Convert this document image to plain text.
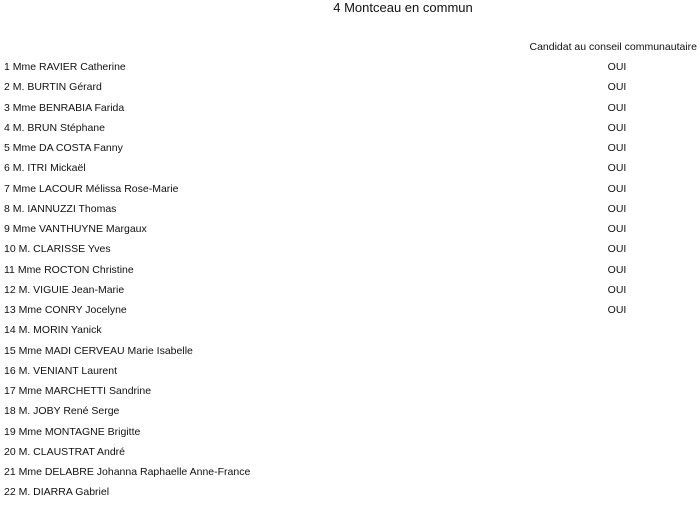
4 Montceau en commun
Candidat au conseil communautaire
1 Mme RAVIER Catherine	OUI
2 M. BURTIN Gérard	OUI
3 Mme BENRABIA Farida	OUI
4 M. BRUN Stéphane	OUI
5 Mme DA COSTA Fanny	OUI
6 M. ITRI Mickaël	OUI
7 Mme LACOUR Mélissa Rose-Marie	OUI
8 M. IANNUZZI Thomas	OUI
9 Mme VANTHUYNE Margaux	OUI
10 M. CLARISSE Yves	OUI
11 Mme ROCTON Christine	OUI
12 M. VIGUIE Jean-Marie	OUI
13 Mme CONRY Jocelyne	OUI
14 M. MORIN Yanick
15 Mme MADI CERVEAU Marie Isabelle
16 M. VENIANT Laurent
17 Mme MARCHETTI Sandrine
18 M. JOBY René Serge
19 Mme MONTAGNE Brigitte
20 M. CLAUSTRAT André
21 Mme DELABRE Johanna Raphaelle Anne-France
22 M. DIARRA Gabriel
